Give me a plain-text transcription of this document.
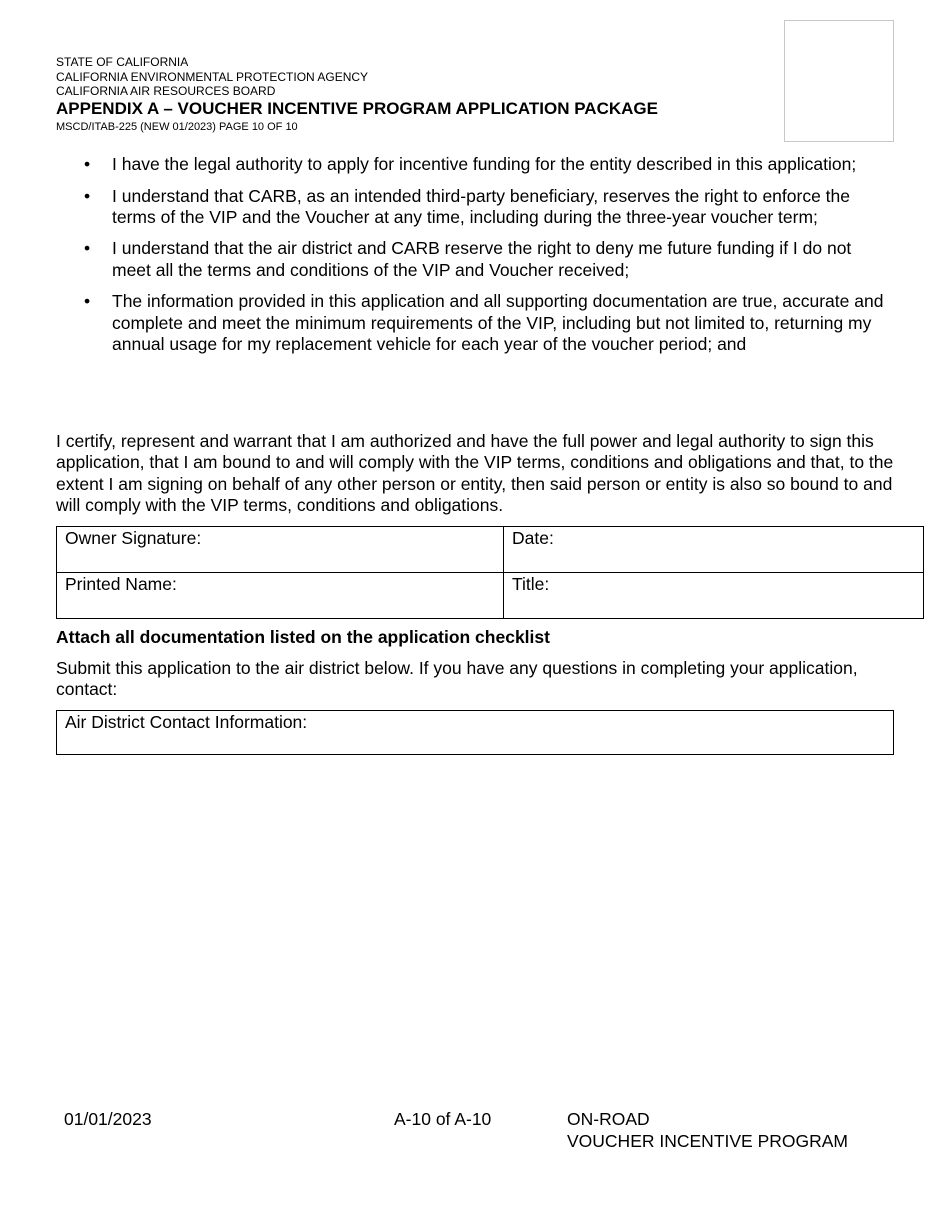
STATE OF CALIFORNIA
CALIFORNIA ENVIRONMENTAL PROTECTION AGENCY
CALIFORNIA AIR RESOURCES BOARD
APPENDIX A – VOUCHER INCENTIVE PROGRAM APPLICATION PACKAGE
MSCD/ITAB-225 (NEW 01/2023) PAGE 10 OF 10
• I have the legal authority to apply for incentive funding for the entity described in this application;
• I understand that CARB, as an intended third-party beneficiary, reserves the right to enforce the terms of the VIP and the Voucher at any time, including during the three-year voucher term;
• I understand that the air district and CARB reserve the right to deny me future funding if I do not meet all the terms and conditions of the VIP and Voucher received;
• The information provided in this application and all supporting documentation are true, accurate and complete and meet the minimum requirements of the VIP, including but not limited to, returning my annual usage for my replacement vehicle for each year of the voucher period; and
I certify, represent and warrant that I am authorized and have the full power and legal authority to sign this application, that I am bound to and will comply with the VIP terms, conditions and obligations and that, to the extent I am signing on behalf of any other person or entity, then said person or entity is also so bound to and will comply with the VIP terms, conditions and obligations.
Owner Signature:	Date:
Printed Name:	Title:
Attach all documentation listed on the application checklist
Submit this application to the air district below. If you have any questions in completing your application, contact:
Air District Contact Information:
01/01/2023	A-10 of A-10	ON-ROAD
VOUCHER INCENTIVE PROGRAM
